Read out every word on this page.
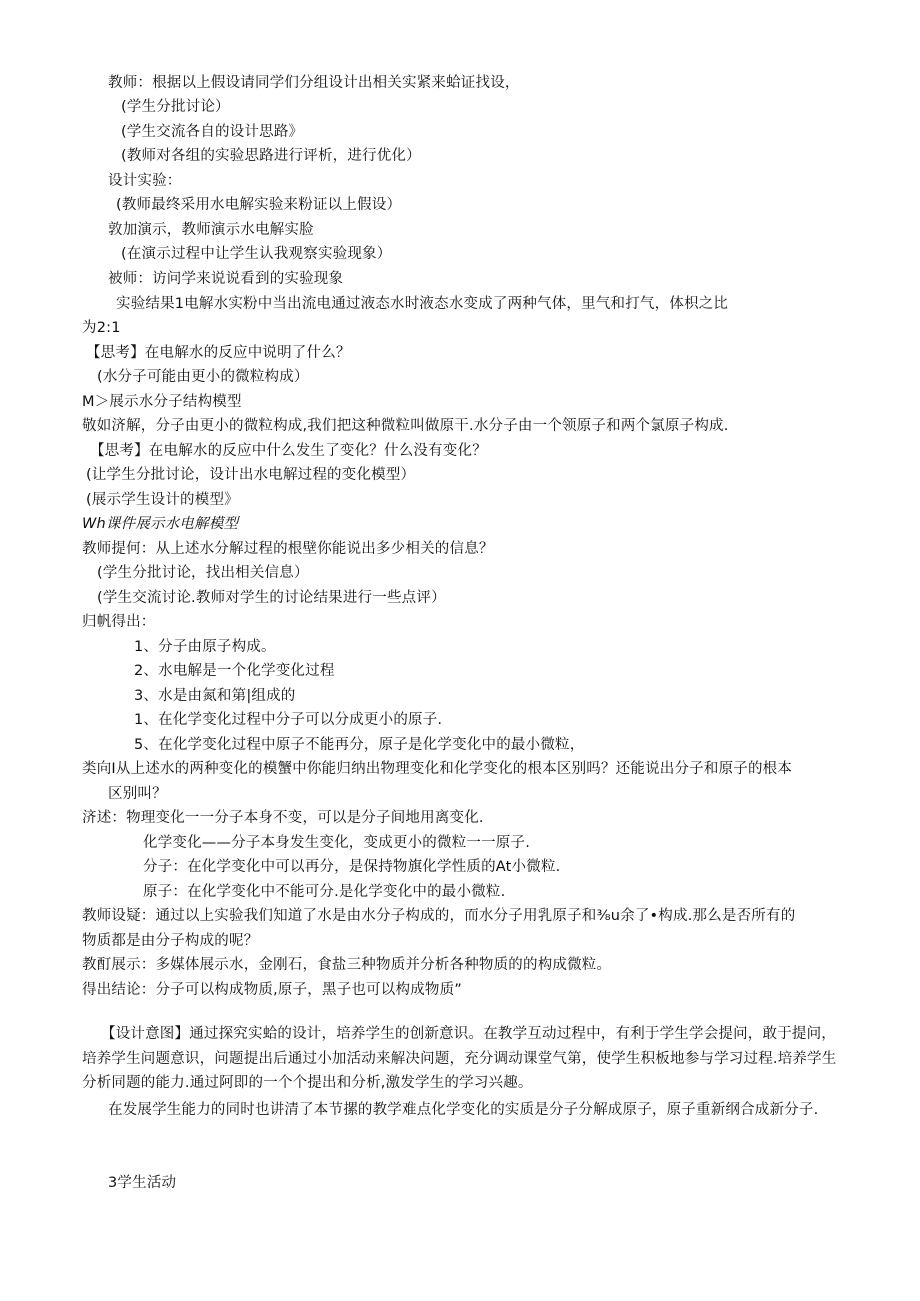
教师：根据以上假设请同学们分组设计出相关实紧来蛤证找设，
(学生分批讨论）
(学生交流各自的设计思路》
(教师对各组的实验思路进行评析，进行优化）
设计实验：
(教师最终采用水电解实验来粉证以上假设）
敦加演示，教师演示水电解实脸
(在演示过程中让学生认我观察实验现象）
被师：访问学来说说看到的实验现象
实验结果1电解水实粉中当出流电通过液态水时液态水变成了两种气体，里气和打气，体枳之比
为2:1
【思考】在电解水的反应中说明了什么？
(水分子可能由更小的微粒构成）
M＞展示水分子结构模型
敬如济解，分子由更小的微粒构成,我们把这种微粒叫做原干.水分子由一个领原子和两个氯原子构成.
【思考】在电解水的反应中什么发生了变化？什么没有变化？
(让学生分批讨论，设计出水电解过程的变化模型）
(展示学生设计的模型》
Wh课件展示水电解模型
教师提何：从上述水分解过程的根壁你能说出多少相关的信息？
(学生分批讨论，找出相关信息）
(学生交流讨论.教师对学生的讨论结果进行一些点评）
归帆得出：
1、分子由原子构成。
2、水电解是一个化学变化过程
3、水是由氮和第|组成的
1、在化学变化过程中分子可以分成更小的原子.
5、在化学变化过程中原子不能再分，原子是化学变化中的最小微粒，
类向I从上述水的两种变化的模蟹中你能归纳出物理变化和化学变化的根本区别吗？还能说出分子和原子的根本
区别叫？
济述：物理变化一一分子本身不变，可以是分子间地用离变化.
化学变化——分子本身发生变化，变成更小的微粒一一原子.
分子：在化学变化中可以再分，是保持物旗化学性质的At小微粒.
原子：在化学变化中不能可分.是化学变化中的最小微粒.
教师设疑：通过以上实验我们知道了水是由水分子构成的，而水分子用乳原子和⅜u余了•构成.那么是否所有的
物质都是由分子构成的呢？
教酊展示：多媒体展示水，金刚石，食盐三种物质并分析各种物质的的构成微粒。
得出结论：分子可以构成物质,原子，黑子也可以构成物质”
【设计意图】通过探究实蛤的设计，培养学生的创新意识。在教学互动过程中，有利于学生学会提问，敢于提问，培养学生问题意识，问题提出后通过小加活动来解决问题，充分调动课堂气第，使学生积板地参与学习过程.培养学生分析同题的能力.通过阿即的一个个提出和分析,激发学生的学习兴趣。
在发展学生能力的同时也讲清了本节摞的教学难点化学变化的实质是分子分解成原子，原子重新纲合成新分子.
3学生活动
